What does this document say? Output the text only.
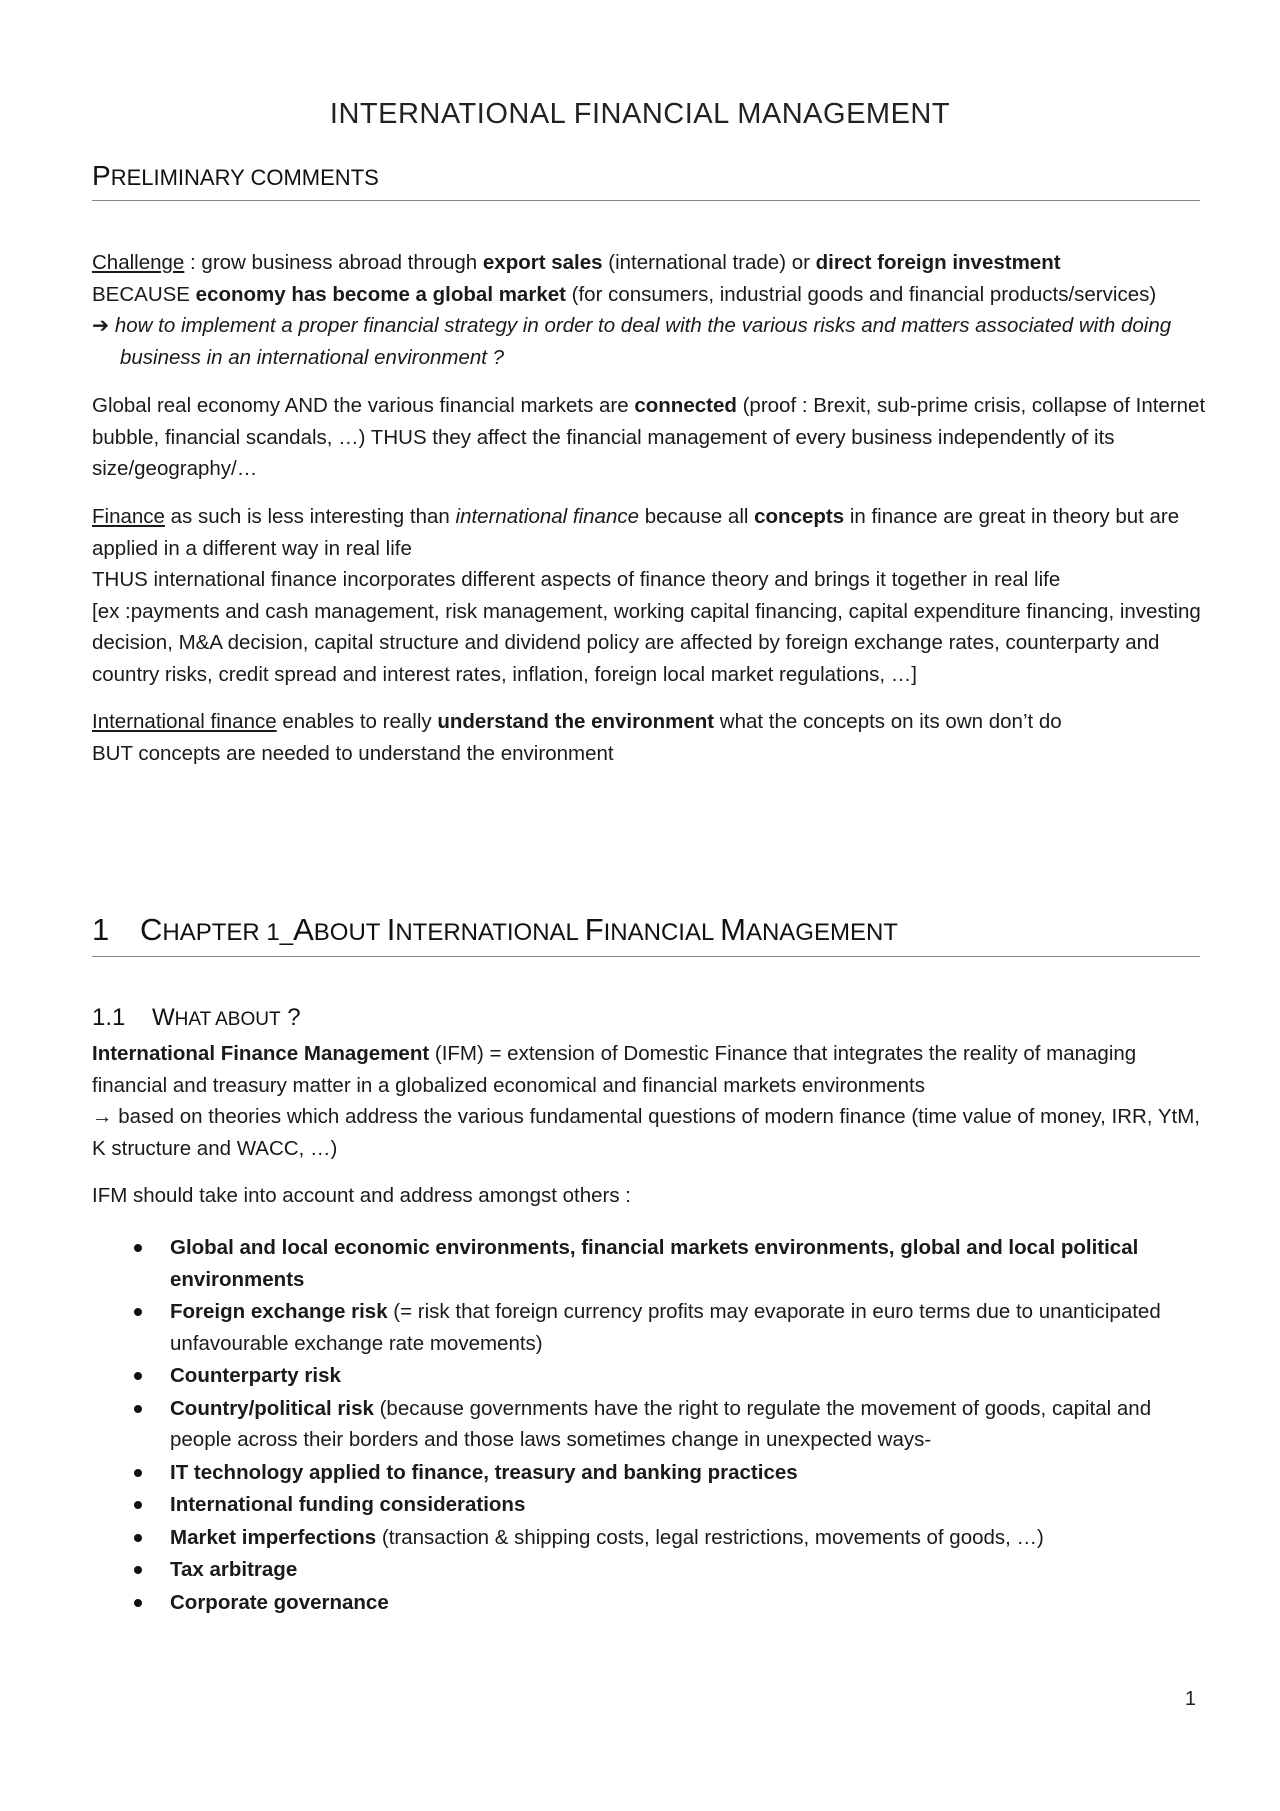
INTERNATIONAL FINANCIAL MANAGEMENT
PRELIMINARY COMMENTS

Challenge : grow business abroad through export sales (international trade) or direct foreign investment

BECAUSE economy has become a global market (for consumers, industrial goods and financial products/services)

➔ how to implement a proper financial strategy in order to deal with the various risks and matters associated with doing business in an international environment ?

Global real economy AND the various financial markets are connected (proof : Brexit, sub-prime crisis, collapse of Internet bubble, financial scandals, …) THUS they affect the financial management of every business independently of its size/geography/…

Finance as such is less interesting than international finance because all concepts in finance are great in theory but are applied in a different way in real life

THUS international finance incorporates different aspects of finance theory and brings it together in real life

[ex :payments and cash management, risk management, working capital financing, capital expenditure financing, investing decision, M&A decision, capital structure and dividend policy are affected by foreign exchange rates, counterparty and country risks, credit spread and interest rates, inflation, foreign local market regulations, …]

International finance enables to really understand the environment what the concepts on its own don’t do

BUT concepts are needed to understand the environment

1 CHAPTER 1_ABOUT INTERNATIONAL FINANCIAL MANAGEMENT
1.1 WHAT ABOUT ?

International Finance Management (IFM) = extension of Domestic Finance that integrates the reality of managing financial and treasury matter in a globalized economical and financial markets environments

→ based on theories which address the various fundamental questions of modern finance (time value of money, IRR, YtM, K structure and WACC, …)

IFM should take into account and address amongst others :

Global and local economic environments, financial markets environments, global and local political environments
Foreign exchange risk (= risk that foreign currency profits may evaporate in euro terms due to unanticipated unfavourable exchange rate movements)
Counterparty risk
Country/political risk (because governments have the right to regulate the movement of goods, capital and people across their borders and those laws sometimes change in unexpected ways-
IT technology applied to finance, treasury and banking practices
International funding considerations
Market imperfections (transaction & shipping costs, legal restrictions, movements of goods, …)
Tax arbitrage
Corporate governance
1
